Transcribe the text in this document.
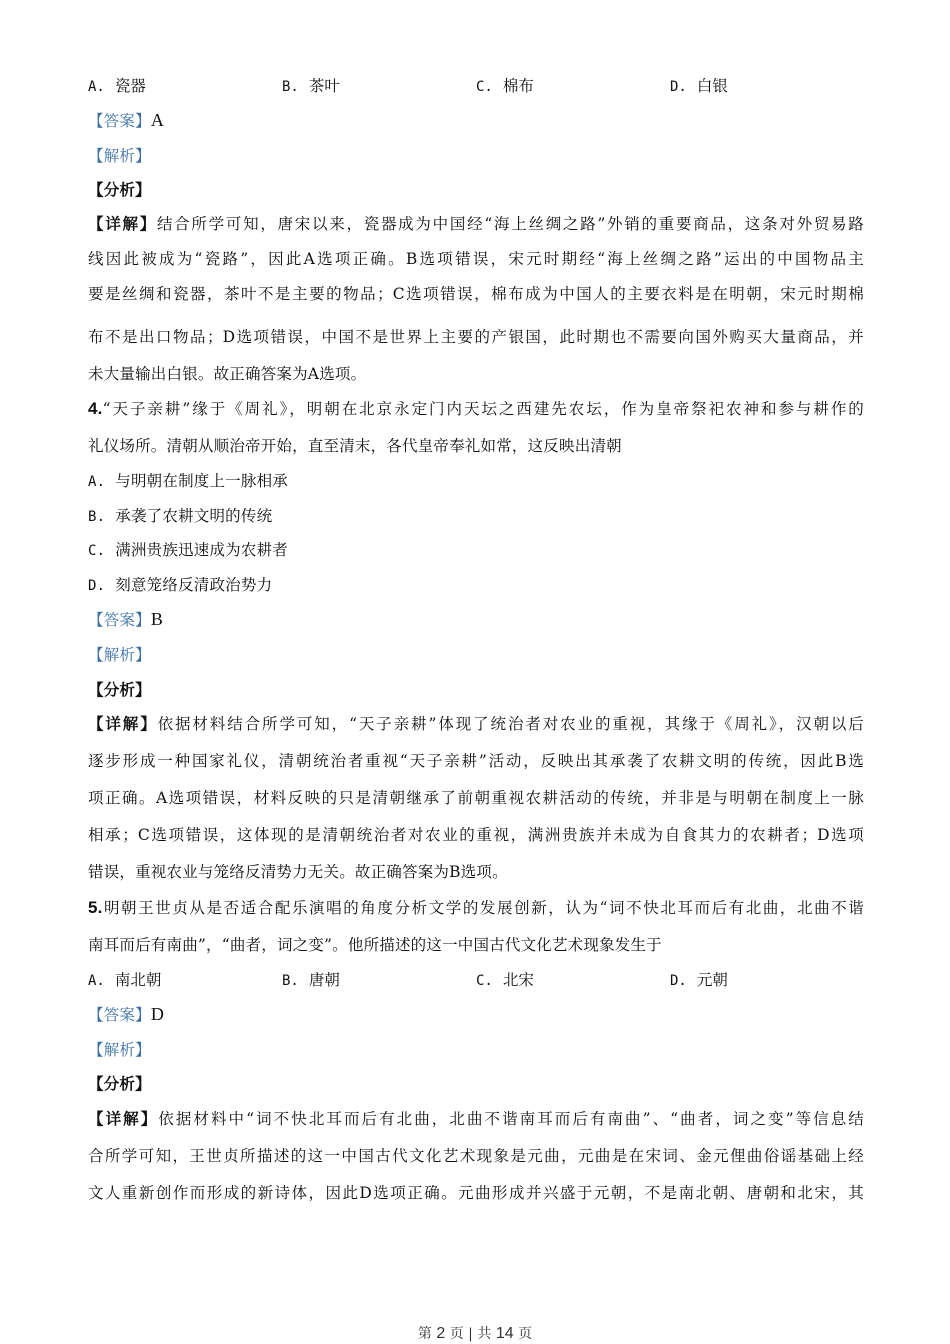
A. 瓷器	B. 茶叶	C. 棉布	D. 白银
【答案】A
【解析】
【分析】
【详解】结合所学可知，唐宋以来，瓷器成为中国经“海上丝绸之路”外销的重要商品，这条对外贸易路
线因此被成为“瓷路”，因此A选项正确。B选项错误，宋元时期经“海上丝绸之路”运出的中国物品主
要是丝绸和瓷器，茶叶不是主要的物品；C选项错误，棉布成为中国人的主要衣料是在明朝，宋元时期棉
布不是出口物品；D选项错误，中国不是世界上主要的产银国，此时期也不需要向国外购买大量商品，并
未大量输出白银。故正确答案为A选项。
4.“天子亲耕”缘于《周礼》，明朝在北京永定门内天坛之西建先农坛，作为皇帝祭祀农神和参与耕作的
礼仪场所。清朝从顺治帝开始，直至清末，各代皇帝奉礼如常，这反映出清朝
A. 与明朝在制度上一脉相承
B. 承袭了农耕文明的传统
C. 满洲贵族迅速成为农耕者
D. 刻意笼络反清政治势力
【答案】B
【解析】
【分析】
【详解】依据材料结合所学可知，“天子亲耕”体现了统治者对农业的重视，其缘于《周礼》，汉朝以后
逐步形成一种国家礼仪，清朝统治者重视“天子亲耕”活动，反映出其承袭了农耕文明的传统，因此B选
项正确。A选项错误，材料反映的只是清朝继承了前朝重视农耕活动的传统，并非是与明朝在制度上一脉
相承；C选项错误，这体现的是清朝统治者对农业的重视，满洲贵族并未成为自食其力的农耕者；D选项
错误，重视农业与笼络反清势力无关。故正确答案为B选项。
5.明朝王世贞从是否适合配乐演唱的角度分析文学的发展创新，认为“词不快北耳而后有北曲，北曲不谐
南耳而后有南曲”，“曲者，词之变”。他所描述的这一中国古代文化艺术现象发生于
A. 南北朝	B. 唐朝	C. 北宋	D. 元朝
【答案】D
【解析】
【分析】
【详解】依据材料中“词不快北耳而后有北曲，北曲不谐南耳而后有南曲”、“曲者，词之变”等信息结
合所学可知，王世贞所描述的这一中国古代文化艺术现象是元曲，元曲是在宋词、金元俚曲俗谣基础上经
文人重新创作而形成的新诗体，因此D选项正确。元曲形成并兴盛于元朝，不是南北朝、唐朝和北宋，其
第 2 页 | 共 14 页
